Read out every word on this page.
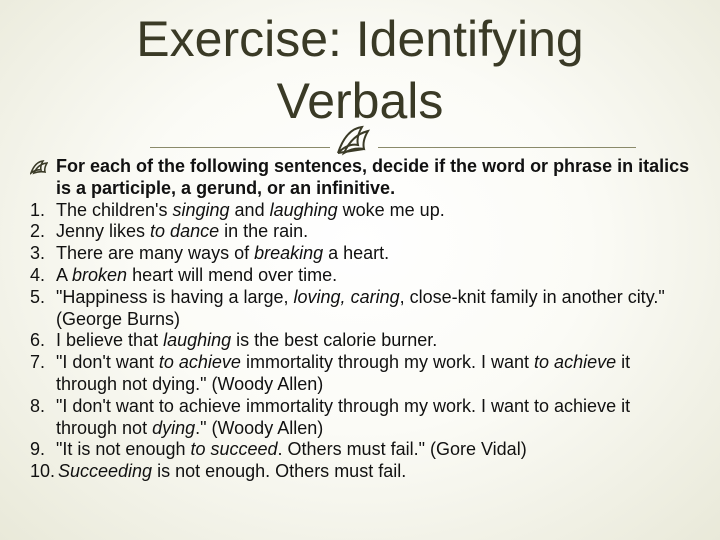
Exercise: Identifying Verbals
For each of the following sentences, decide if the word or phrase in italics is a participle, a gerund, or an infinitive.
1. The children's singing and laughing woke me up.
2. Jenny likes to dance in the rain.
3. There are many ways of breaking a heart.
4. A broken heart will mend over time.
5. "Happiness is having a large, loving, caring, close-knit family in another city." (George Burns)
6. I believe that laughing is the best calorie burner.
7. "I don't want to achieve immortality through my work. I want to achieve it through not dying." (Woody Allen)
8. "I don't want to achieve immortality through my work. I want to achieve it through not dying." (Woody Allen)
9. "It is not enough to succeed. Others must fail." (Gore Vidal)
10. Succeeding is not enough. Others must fail.
